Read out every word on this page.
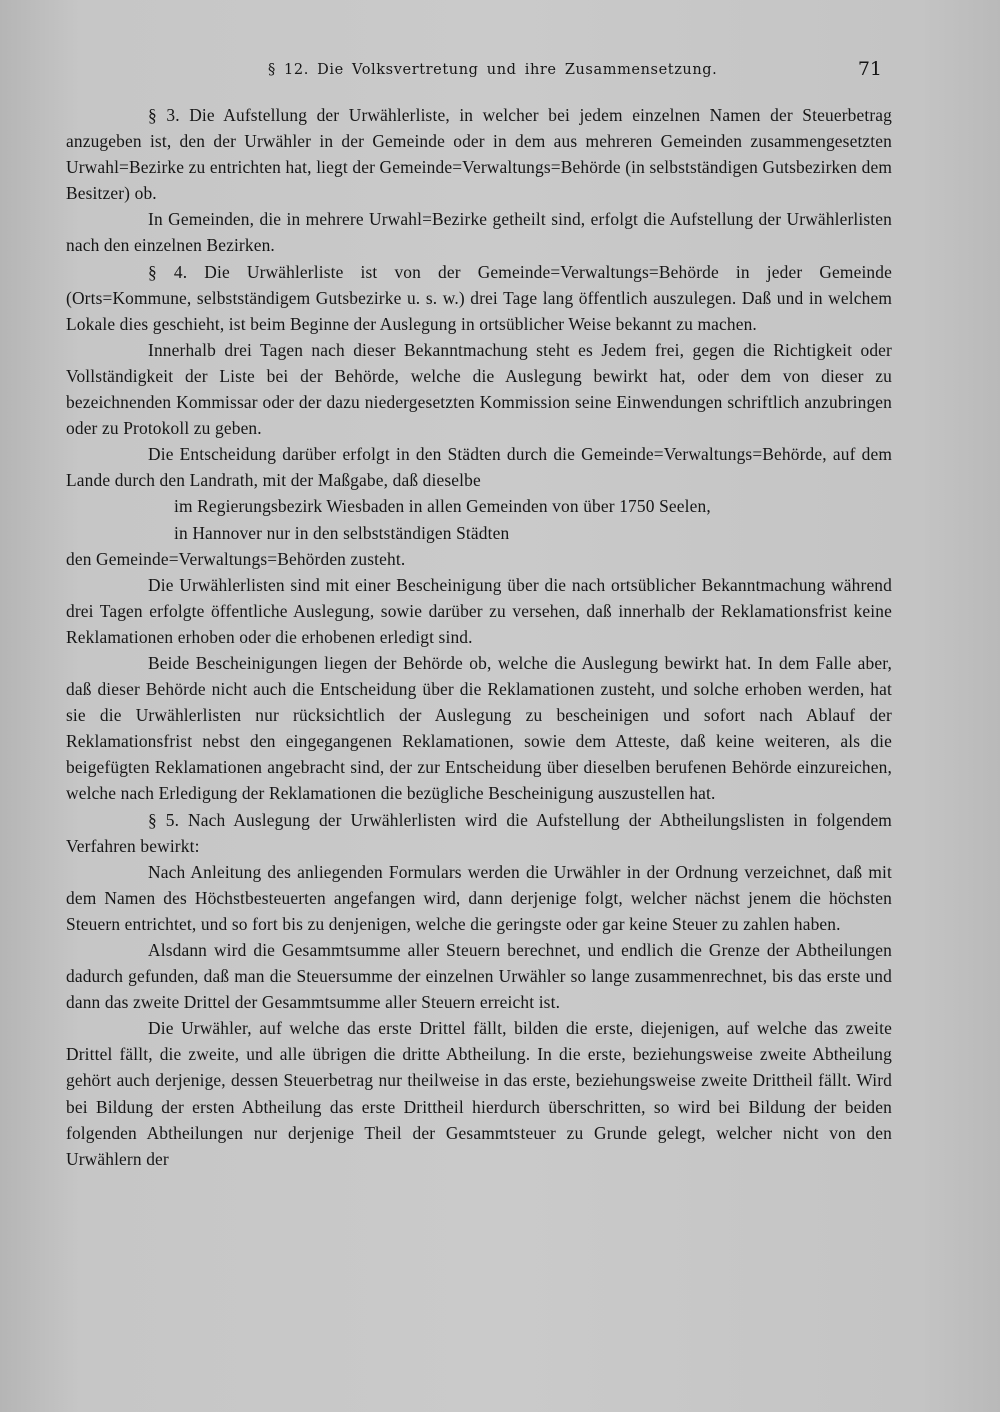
§ 12. Die Volksvertretung und ihre Zusammensetzung.	71

§ 3. Die Aufstellung der Urwählerliste, in welcher bei jedem einzelnen Namen der Steuerbetrag anzugeben ist, den der Urwähler in der Gemeinde oder in dem aus mehreren Gemeinden zusammengesetzten Urwahl=Bezirke zu entrichten hat, liegt der Gemeinde=Verwaltungs=Behörde (in selbstständigen Gutsbezirken dem Besitzer) ob.

In Gemeinden, die in mehrere Urwahl=Bezirke getheilt sind, erfolgt die Aufstellung der Urwählerlisten nach den einzelnen Bezirken.

§ 4. Die Urwählerliste ist von der Gemeinde=Verwaltungs=Behörde in jeder Gemeinde (Orts=Kommune, selbstständigem Gutsbezirke u. s. w.) drei Tage lang öffentlich auszulegen. Daß und in welchem Lokale dies geschieht, ist beim Beginne der Auslegung in ortsüblicher Weise bekannt zu machen.

Innerhalb drei Tagen nach dieser Bekanntmachung steht es Jedem frei, gegen die Richtigkeit oder Vollständigkeit der Liste bei der Behörde, welche die Auslegung bewirkt hat, oder dem von dieser zu bezeichnenden Kommissar oder der dazu niedergesetzten Kommission seine Einwendungen schriftlich anzubringen oder zu Protokoll zu geben.

Die Entscheidung darüber erfolgt in den Städten durch die Gemeinde=Verwaltungs=Behörde, auf dem Lande durch den Landrath, mit der Maßgabe, daß dieselbe

im Regierungsbezirk Wiesbaden in allen Gemeinden von über 1750 Seelen,

in Hannover nur in den selbstständigen Städten

den Gemeinde=Verwaltungs=Behörden zusteht.

Die Urwählerlisten sind mit einer Bescheinigung über die nach ortsüblicher Bekanntmachung während drei Tagen erfolgte öffentliche Auslegung, sowie darüber zu versehen, daß innerhalb der Reklamationsfrist keine Reklamationen erhoben oder die erhobenen erledigt sind.

Beide Bescheinigungen liegen der Behörde ob, welche die Auslegung bewirkt hat. In dem Falle aber, daß dieser Behörde nicht auch die Entscheidung über die Reklamationen zusteht, und solche erhoben werden, hat sie die Urwählerlisten nur rücksichtlich der Auslegung zu bescheinigen und sofort nach Ablauf der Reklamationsfrist nebst den eingegangenen Reklamationen, sowie dem Atteste, daß keine weiteren, als die beigefügten Reklamationen angebracht sind, der zur Entscheidung über dieselben berufenen Behörde einzureichen, welche nach Erledigung der Reklamationen die bezügliche Bescheinigung auszustellen hat.

§ 5. Nach Auslegung der Urwählerlisten wird die Aufstellung der Abtheilungslisten in folgendem Verfahren bewirkt:

Nach Anleitung des anliegenden Formulars werden die Urwähler in der Ordnung verzeichnet, daß mit dem Namen des Höchstbesteuerten angefangen wird, dann derjenige folgt, welcher nächst jenem die höchsten Steuern entrichtet, und so fort bis zu denjenigen, welche die geringste oder gar keine Steuer zu zahlen haben.

Alsdann wird die Gesammtsumme aller Steuern berechnet, und endlich die Grenze der Abtheilungen dadurch gefunden, daß man die Steuersumme der einzelnen Urwähler so lange zusammenrechnet, bis das erste und dann das zweite Drittel der Gesammtsumme aller Steuern erreicht ist.

Die Urwähler, auf welche das erste Drittel fällt, bilden die erste, diejenigen, auf welche das zweite Drittel fällt, die zweite, und alle übrigen die dritte Abtheilung. In die erste, beziehungsweise zweite Abtheilung gehört auch derjenige, dessen Steuerbetrag nur theilweise in das erste, beziehungsweise zweite Drittheil fällt. Wird bei Bildung der ersten Abtheilung das erste Drittheil hierdurch überschritten, so wird bei Bildung der beiden folgenden Abtheilungen nur derjenige Theil der Gesammtsteuer zu Grunde gelegt, welcher nicht von den Urwählern der
